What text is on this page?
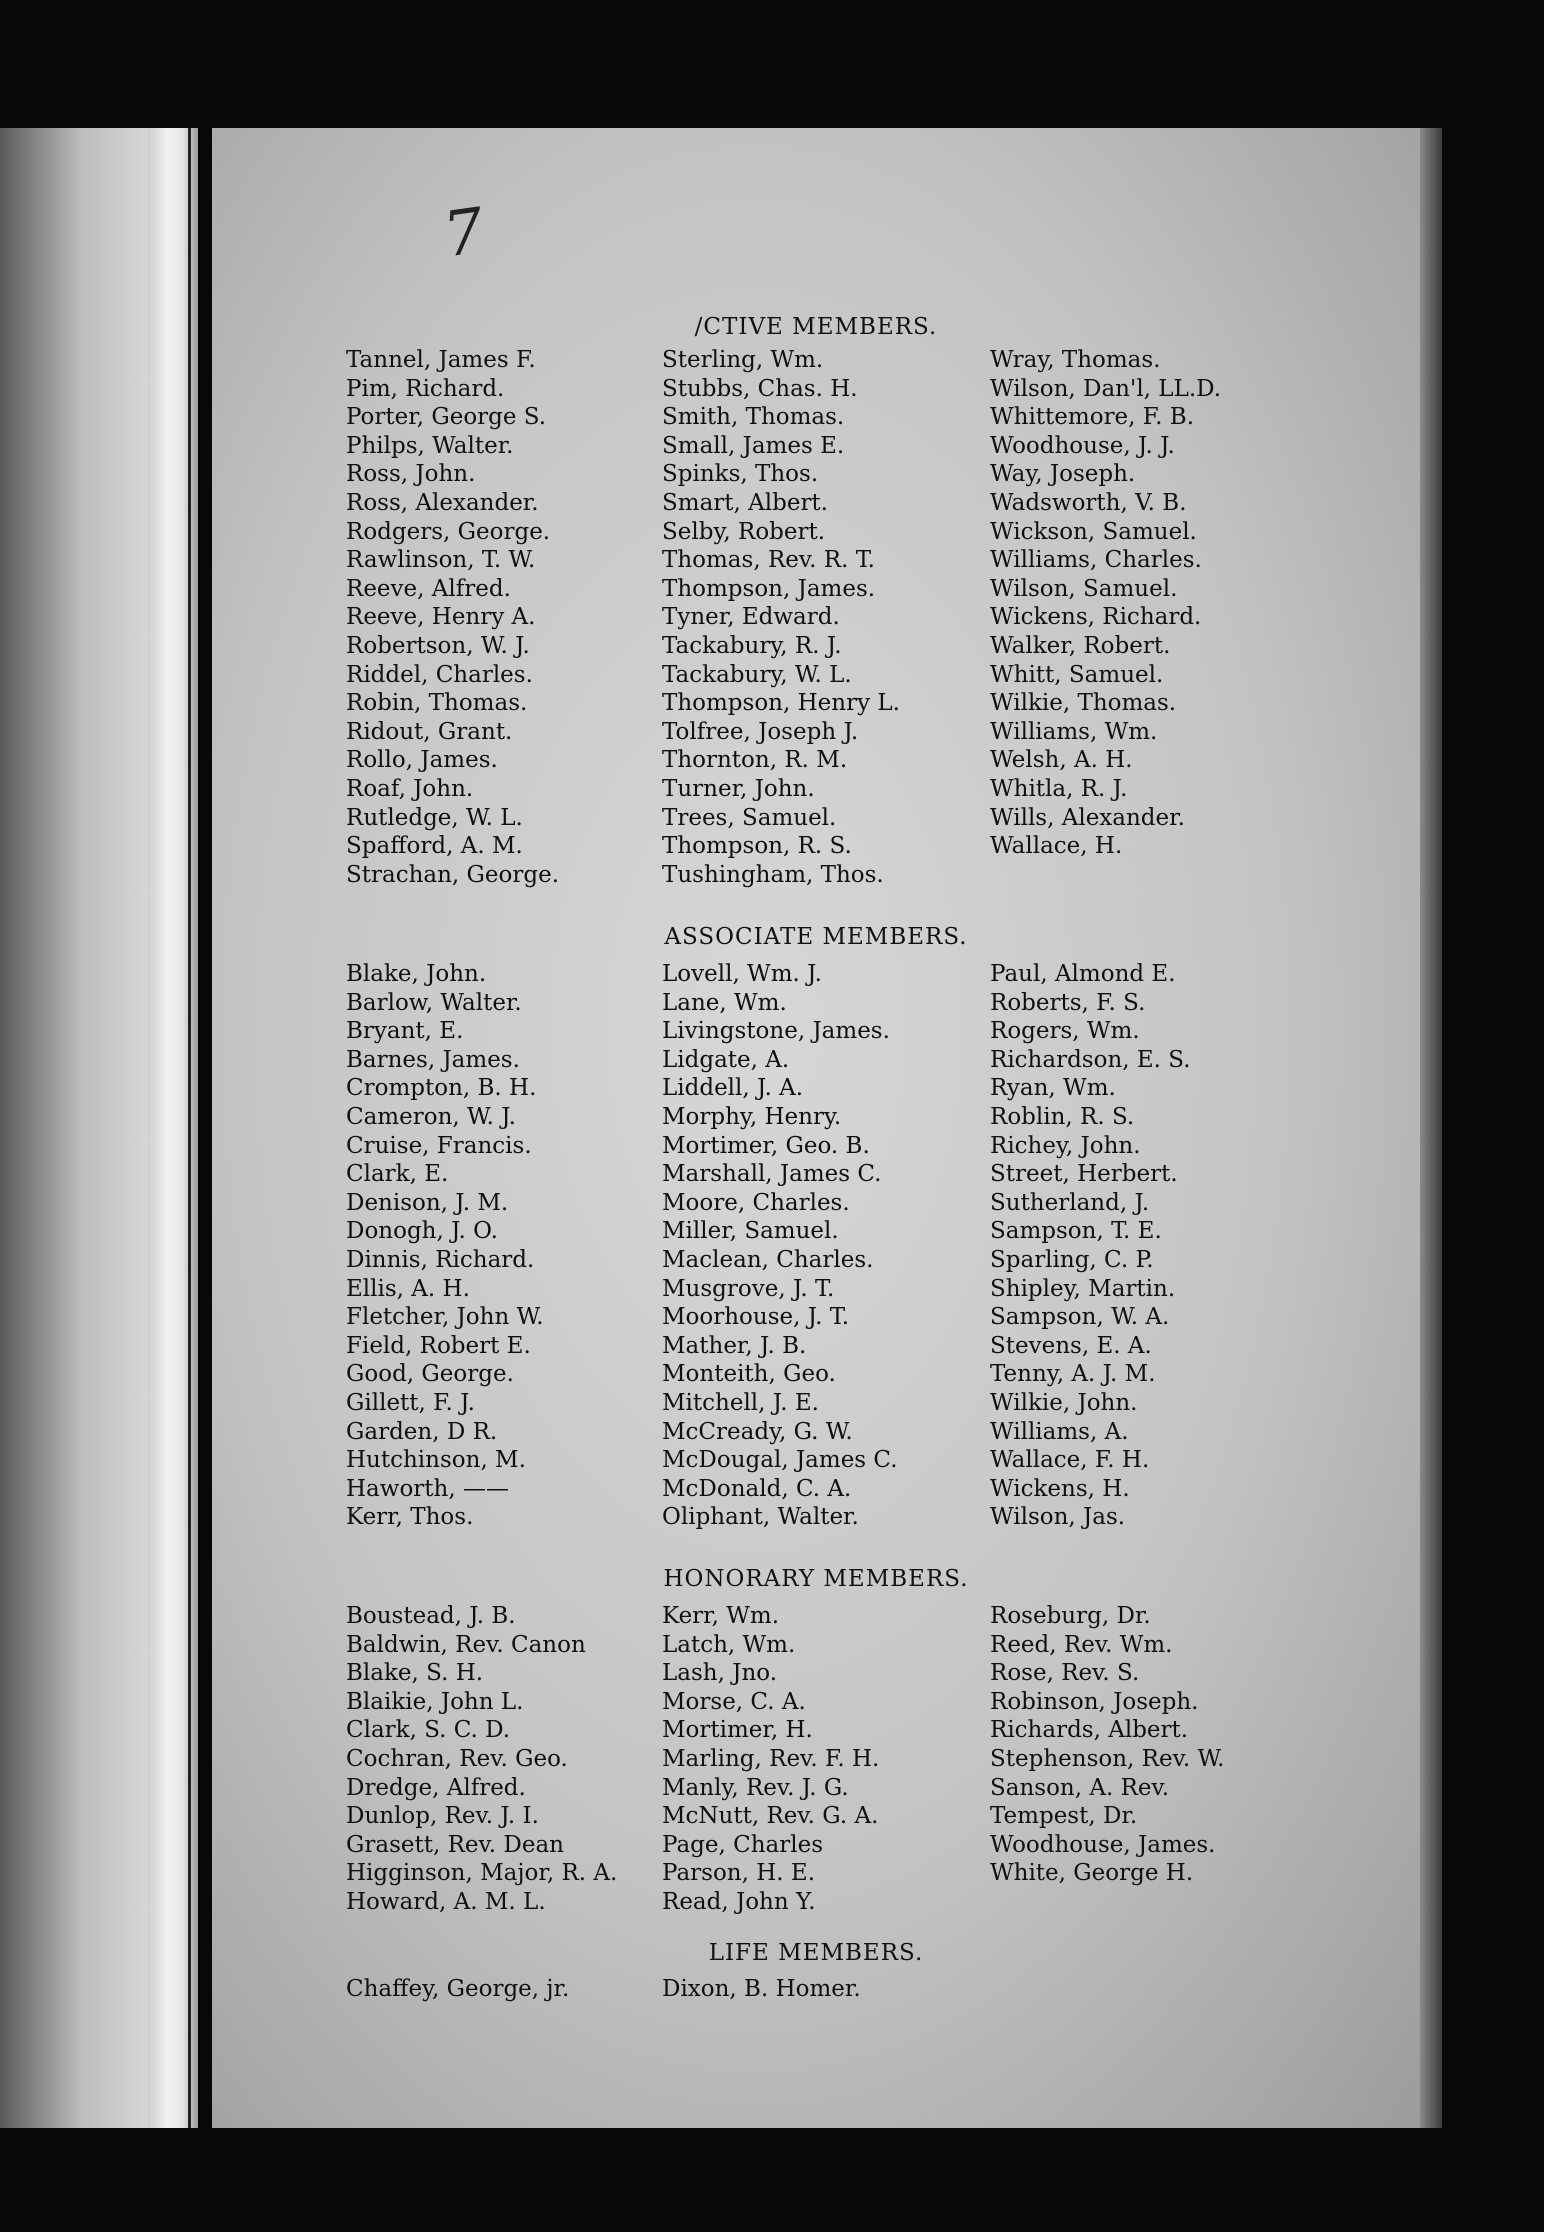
7
/CTIVE MEMBERS.
Tannel, James F.
Pim, Richard.
Porter, George S.
Philps, Walter.
Ross, John.
Ross, Alexander.
Rodgers, George.
Rawlinson, T. W.
Reeve, Alfred.
Reeve, Henry A.
Robertson, W. J.
Riddel, Charles.
Robin, Thomas.
Ridout, Grant.
Rollo, James.
Roaf, John.
Rutledge, W. L.
Spafford, A. M.
Strachan, George.
Sterling, Wm.
Stubbs, Chas. H.
Smith, Thomas.
Small, James E.
Spinks, Thos.
Smart, Albert.
Selby, Robert.
Thomas, Rev. R. T.
Thompson, James.
Tyner, Edward.
Tackabury, R. J.
Tackabury, W. L.
Thompson, Henry L.
Tolfree, Joseph J.
Thornton, R. M.
Turner, John.
Trees, Samuel.
Thompson, R. S.
Tushingham, Thos.
Wray, Thomas.
Wilson, Dan'l, LL.D.
Whittemore, F. B.
Woodhouse, J. J.
Way, Joseph.
Wadsworth, V. B.
Wickson, Samuel.
Williams, Charles.
Wilson, Samuel.
Wickens, Richard.
Walker, Robert.
Whitt, Samuel.
Wilkie, Thomas.
Williams, Wm.
Welsh, A. H.
Whitla, R. J.
Wills, Alexander.
Wallace, H.
ASSOCIATE MEMBERS.
Blake, John.
Barlow, Walter.
Bryant, E.
Barnes, James.
Crompton, B. H.
Cameron, W. J.
Cruise, Francis.
Clark, E.
Denison, J. M.
Donogh, J. O.
Dinnis, Richard.
Ellis, A. H.
Fletcher, John W.
Field, Robert E.
Good, George.
Gillett, F. J.
Garden, D R.
Hutchinson, M.
Haworth, ——
Kerr, Thos.
Lovell, Wm. J.
Lane, Wm.
Livingstone, James.
Lidgate, A.
Liddell, J. A.
Morphy, Henry.
Mortimer, Geo. B.
Marshall, James C.
Moore, Charles.
Miller, Samuel.
Maclean, Charles.
Musgrove, J. T.
Moorhouse, J. T.
Mather, J. B.
Monteith, Geo.
Mitchell, J. E.
McCready, G. W.
McDougal, James C.
McDonald, C. A.
Oliphant, Walter.
Paul, Almond E.
Roberts, F. S.
Rogers, Wm.
Richardson, E. S.
Ryan, Wm.
Roblin, R. S.
Richey, John.
Street, Herbert.
Sutherland, J.
Sampson, T. E.
Sparling, C. P.
Shipley, Martin.
Sampson, W. A.
Stevens, E. A.
Tenny, A. J. M.
Wilkie, John.
Williams, A.
Wallace, F. H.
Wickens, H.
Wilson, Jas.
HONORARY MEMBERS.
Boustead, J. B.
Baldwin, Rev. Canon
Blake, S. H.
Blaikie, John L.
Clark, S. C. D.
Cochran, Rev. Geo.
Dredge, Alfred.
Dunlop, Rev. J. I.
Grasett, Rev. Dean
Higginson, Major, R. A.
Howard, A. M. L.
Kerr, Wm.
Latch, Wm.
Lash, Jno.
Morse, C. A.
Mortimer, H.
Marling, Rev. F. H.
Manly, Rev. J. G.
McNutt, Rev. G. A.
Page, Charles
Parson, H. E.
Read, John Y.
Roseburg, Dr.
Reed, Rev. Wm.
Rose, Rev. S.
Robinson, Joseph.
Richards, Albert.
Stephenson, Rev. W.
Sanson, A. Rev.
Tempest, Dr.
Woodhouse, James.
White, George H.
LIFE MEMBERS.
Chaffey, George, jr.	Dixon, B. Homer.
